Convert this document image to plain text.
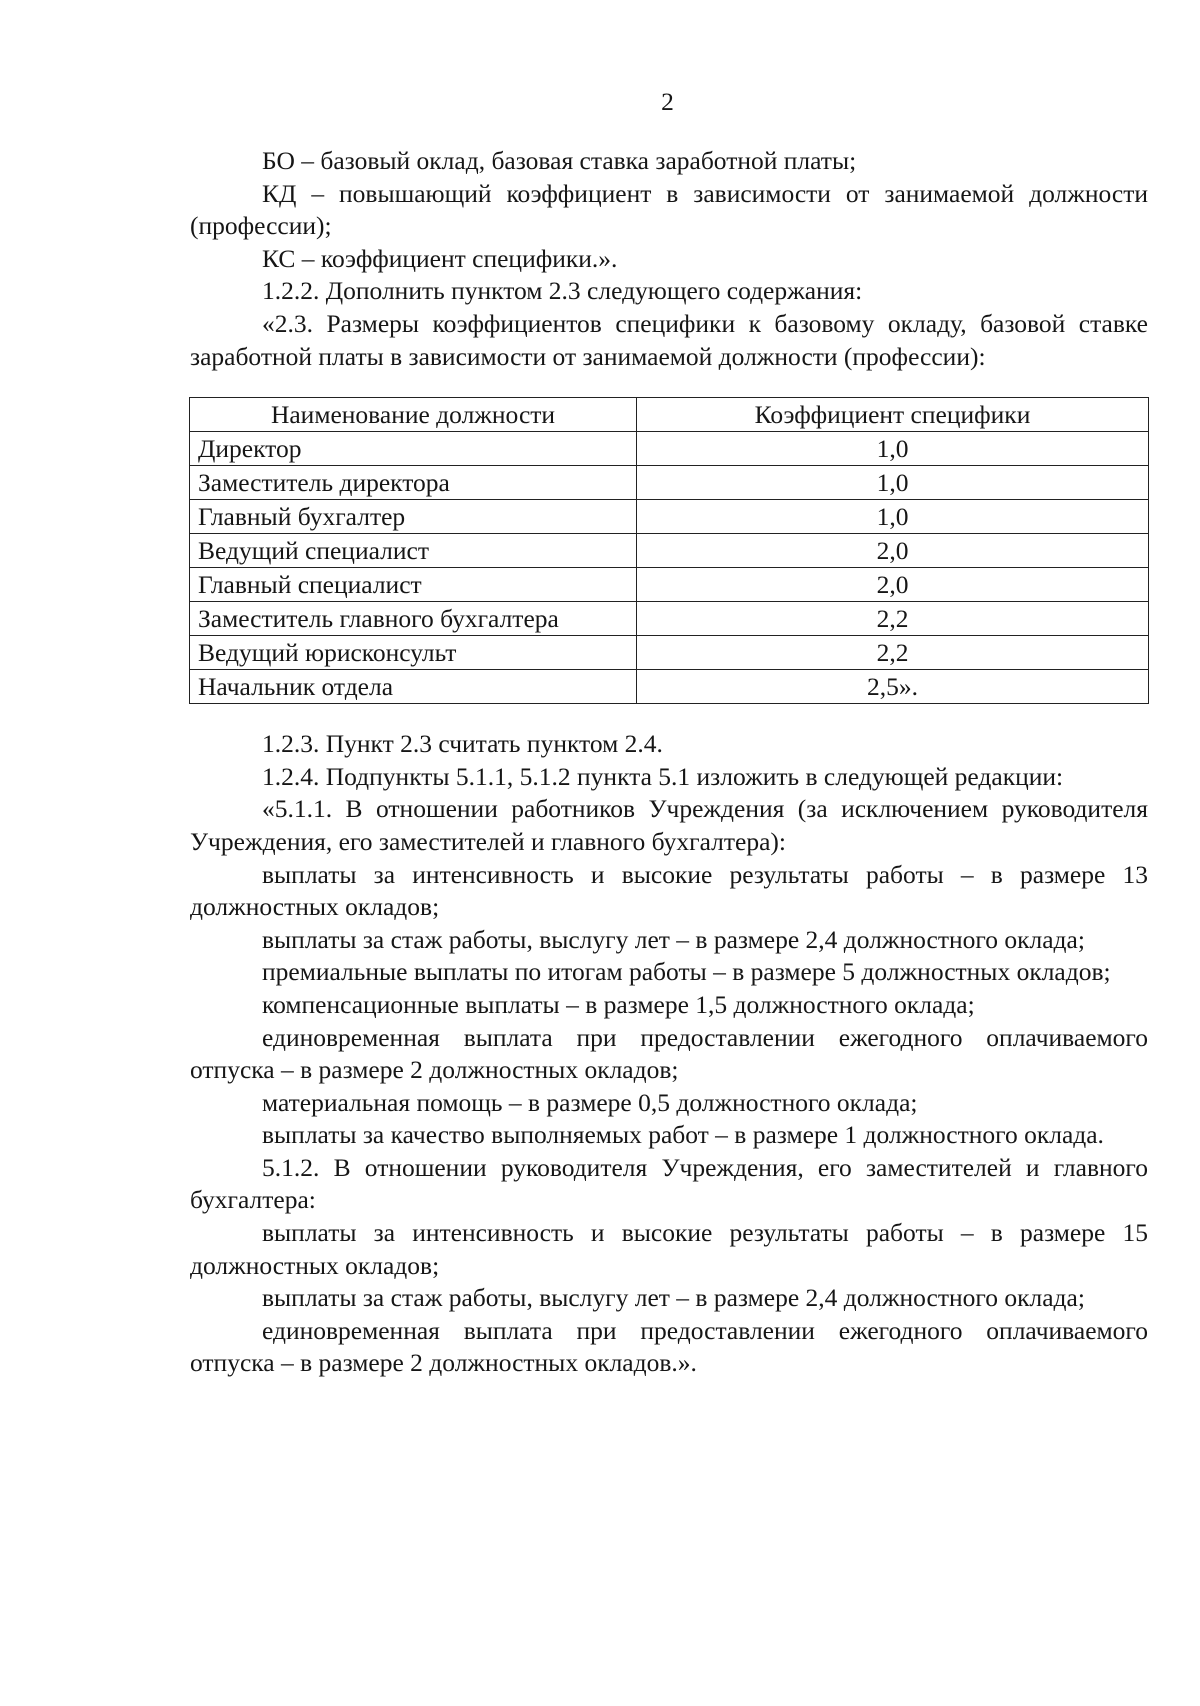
2

БО – базовый оклад, базовая ставка заработной платы;

КД – повышающий коэффициент в зависимости от занимаемой должности (профессии);

КС – коэффициент специфики.».

1.2.2. Дополнить пунктом 2.3 следующего содержания:

«2.3. Размеры коэффициентов специфики к базовому окладу, базовой ставке заработной платы в зависимости от занимаемой должности (профессии):

Наименование должности	Коэффициент специфики
Директор	1,0
Заместитель директора	1,0
Главный бухгалтер	1,0
Ведущий специалист	2,0
Главный специалист	2,0
Заместитель главного бухгалтера	2,2
Ведущий юрисконсульт	2,2
Начальник отдела	2,5».

1.2.3. Пункт 2.3 считать пунктом 2.4.

1.2.4. Подпункты 5.1.1, 5.1.2 пункта 5.1 изложить в следующей редакции:

«5.1.1. В отношении работников Учреждения (за исключением руководителя Учреждения, его заместителей и главного бухгалтера):

выплаты за интенсивность и высокие результаты работы – в размере 13 должностных окладов;

выплаты за стаж работы, выслугу лет – в размере 2,4 должностного оклада;

премиальные выплаты по итогам работы – в размере 5 должностных окладов;

компенсационные выплаты – в размере 1,5 должностного оклада;

единовременная выплата при предоставлении ежегодного оплачиваемого отпуска – в размере 2 должностных окладов;

материальная помощь – в размере 0,5 должностного оклада;

выплаты за качество выполняемых работ – в размере 1 должностного оклада.

5.1.2. В отношении руководителя Учреждения, его заместителей и главного бухгалтера:

выплаты за интенсивность и высокие результаты работы – в размере 15 должностных окладов;

выплаты за стаж работы, выслугу лет – в размере 2,4 должностного оклада;

единовременная выплата при предоставлении ежегодного оплачиваемого отпуска – в размере 2 должностных окладов.».
